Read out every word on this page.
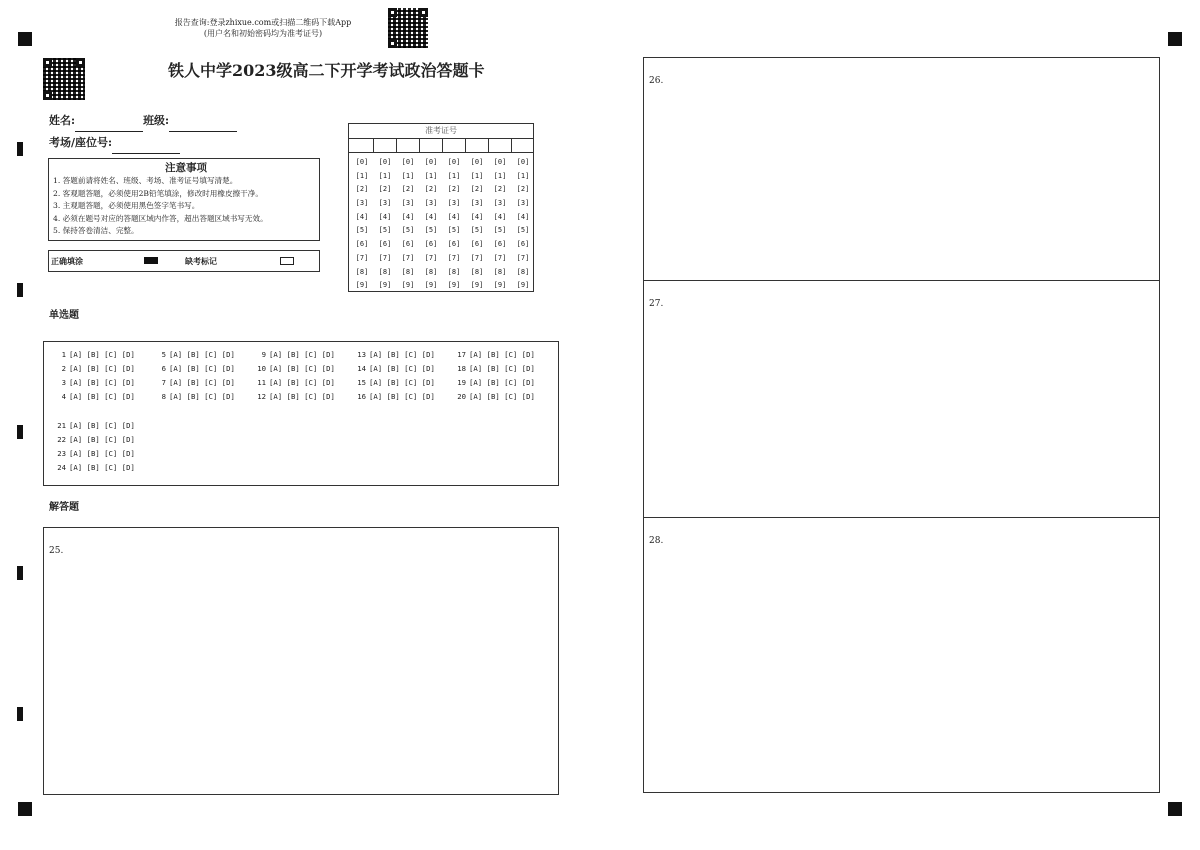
报告查询:登录zhixue.com或扫描二维码下载App
(用户名和初始密码均为准考证号)
铁人中学2023级高二下开学考试政治答题卡
姓名:	班级:
考场/座位号:
注意事项
1. 答题前请将姓名、班级、考场、准考证号填写清楚。
2. 客观题答题，必须使用2B铅笔填涂，修改时用橡皮擦干净。
3. 主观题答题，必须使用黑色签字笔书写。
4. 必须在题号对应的答题区域内作答，超出答题区域书写无效。
5. 保持答卷清洁、完整。
正确填涂	缺考标记
准考证号
[0]
[1]
[2]
[3]
[4]
[5]
[6]
[7]
[8]
[9]
[0]
[1]
[2]
[3]
[4]
[5]
[6]
[7]
[8]
[9]
[0]
[1]
[2]
[3]
[4]
[5]
[6]
[7]
[8]
[9]
[0]
[1]
[2]
[3]
[4]
[5]
[6]
[7]
[8]
[9]
[0]
[1]
[2]
[3]
[4]
[5]
[6]
[7]
[8]
[9]
[0]
[1]
[2]
[3]
[4]
[5]
[6]
[7]
[8]
[9]
[0]
[1]
[2]
[3]
[4]
[5]
[6]
[7]
[8]
[9]
[0]
[1]
[2]
[3]
[4]
[5]
[6]
[7]
[8]
[9]
单选题
1 [A] [B] [C] [D]
2 [A] [B] [C] [D]
3 [A] [B] [C] [D]
4 [A] [B] [C] [D]
5 [A] [B] [C] [D]
6 [A] [B] [C] [D]
7 [A] [B] [C] [D]
8 [A] [B] [C] [D]
9 [A] [B] [C] [D]
10 [A] [B] [C] [D]
11 [A] [B] [C] [D]
12 [A] [B] [C] [D]
13 [A] [B] [C] [D]
14 [A] [B] [C] [D]
15 [A] [B] [C] [D]
16 [A] [B] [C] [D]
17 [A] [B] [C] [D]
18 [A] [B] [C] [D]
19 [A] [B] [C] [D]
20 [A] [B] [C] [D]
21 [A] [B] [C] [D]
22 [A] [B] [C] [D]
23 [A] [B] [C] [D]
24 [A] [B] [C] [D]
解答题
25.
26.
27.
28.
